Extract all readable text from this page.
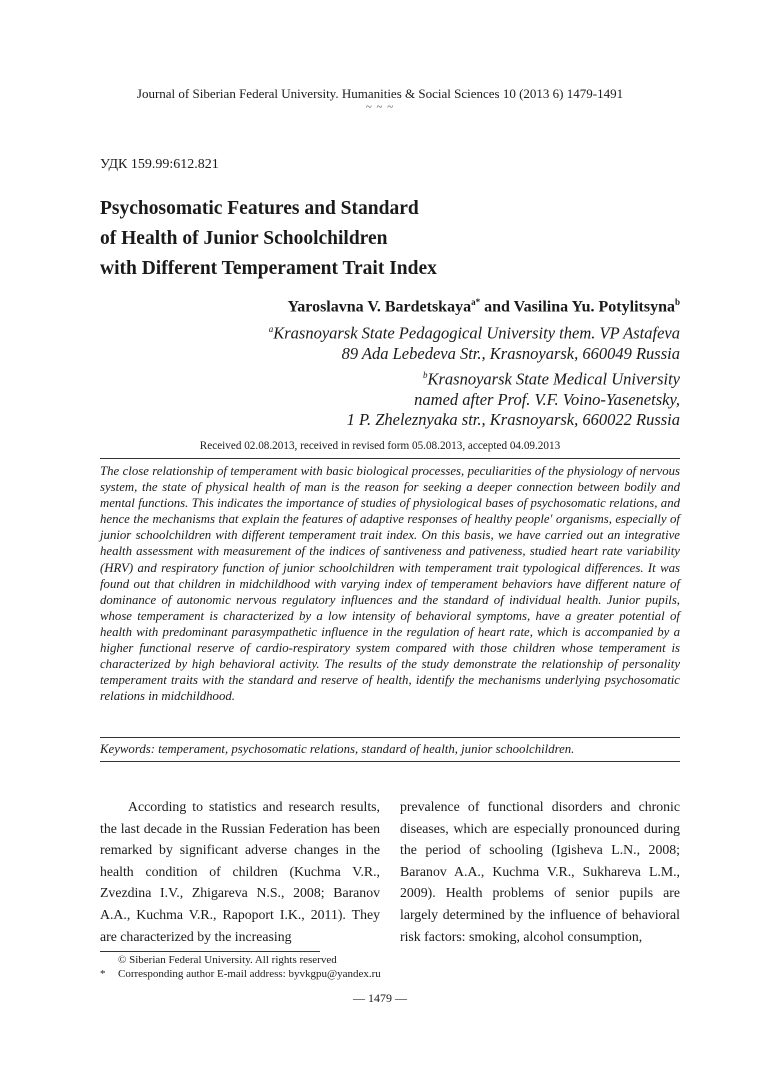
Journal of Siberian Federal University. Humanities & Social Sciences 10 (2013 6) 1479-1491
~ ~ ~
УДК 159.99:612.821
Psychosomatic Features and Standard
of Health of Junior Schoolchildren
with Different Temperament Trait Index
Yaroslavna V. Bardetskaya$^{a*}$ and Vasilina Yu. Potylitsyna$^b$
$^a$Krasnoyarsk State Pedagogical University them. VP Astafeva
89 Ada Lebedeva Str., Krasnoyarsk, 660049 Russia
$^b$Krasnoyarsk State Medical University
named after Prof. V.F. Voino-Yasenetsky,
1 P. Zheleznyaka str., Krasnoyarsk, 660022 Russia
Received 02.08.2013, received in revised form 05.08.2013, accepted 04.09.2013
The close relationship of temperament with basic biological processes, peculiarities of the physiology of nervous system, the state of physical health of man is the reason for seeking a deeper connection between bodily and mental functions. This indicates the importance of studies of physiological bases of psychosomatic relations, and hence the mechanisms that explain the features of adaptive responses of healthy people' organisms, especially of junior schoolchildren with different temperament trait index. On this basis, we have carried out an integrative health assessment with measurement of the indices of santiveness and pativeness, studied heart rate variability (HRV) and respiratory function of junior schoolchildren with temperament trait typological differences. It was found out that children in midchildhood with varying index of temperament behaviors have different nature of dominance of autonomic nervous regulatory influences and the standard of individual health. Junior pupils, whose temperament is characterized by a low intensity of behavioral symptoms, have a greater potential of health with predominant parasympathetic influence in the regulation of heart rate, which is accompanied by a higher functional reserve of cardio-respiratory system compared with those children whose temperament is characterized by high behavioral activity. The results of the study demonstrate the relationship of personality temperament traits with the standard and reserve of health, identify the mechanisms underlying psychosomatic relations in midchildhood.
Keywords: temperament, psychosomatic relations, standard of health, junior schoolchildren.
According to statistics and research results, the last decade in the Russian Federation has been remarked by significant adverse changes in the health condition of children (Kuchma V.R., Zvezdina I.V., Zhigareva N.S., 2008; Baranov A.A., Kuchma V.R., Rapoport I.K., 2011). They are characterized by the increasing
prevalence of functional disorders and chronic diseases, which are especially pronounced during the period of schooling (Igisheva L.N., 2008; Baranov A.A., Kuchma V.R., Sukhareva L.M., 2009). Health problems of senior pupils are largely determined by the influence of behavioral risk factors: smoking, alcohol consumption,
© Siberian Federal University. All rights reserved
* Corresponding author E-mail address: byvkgpu@yandex.ru
— 1479 —
